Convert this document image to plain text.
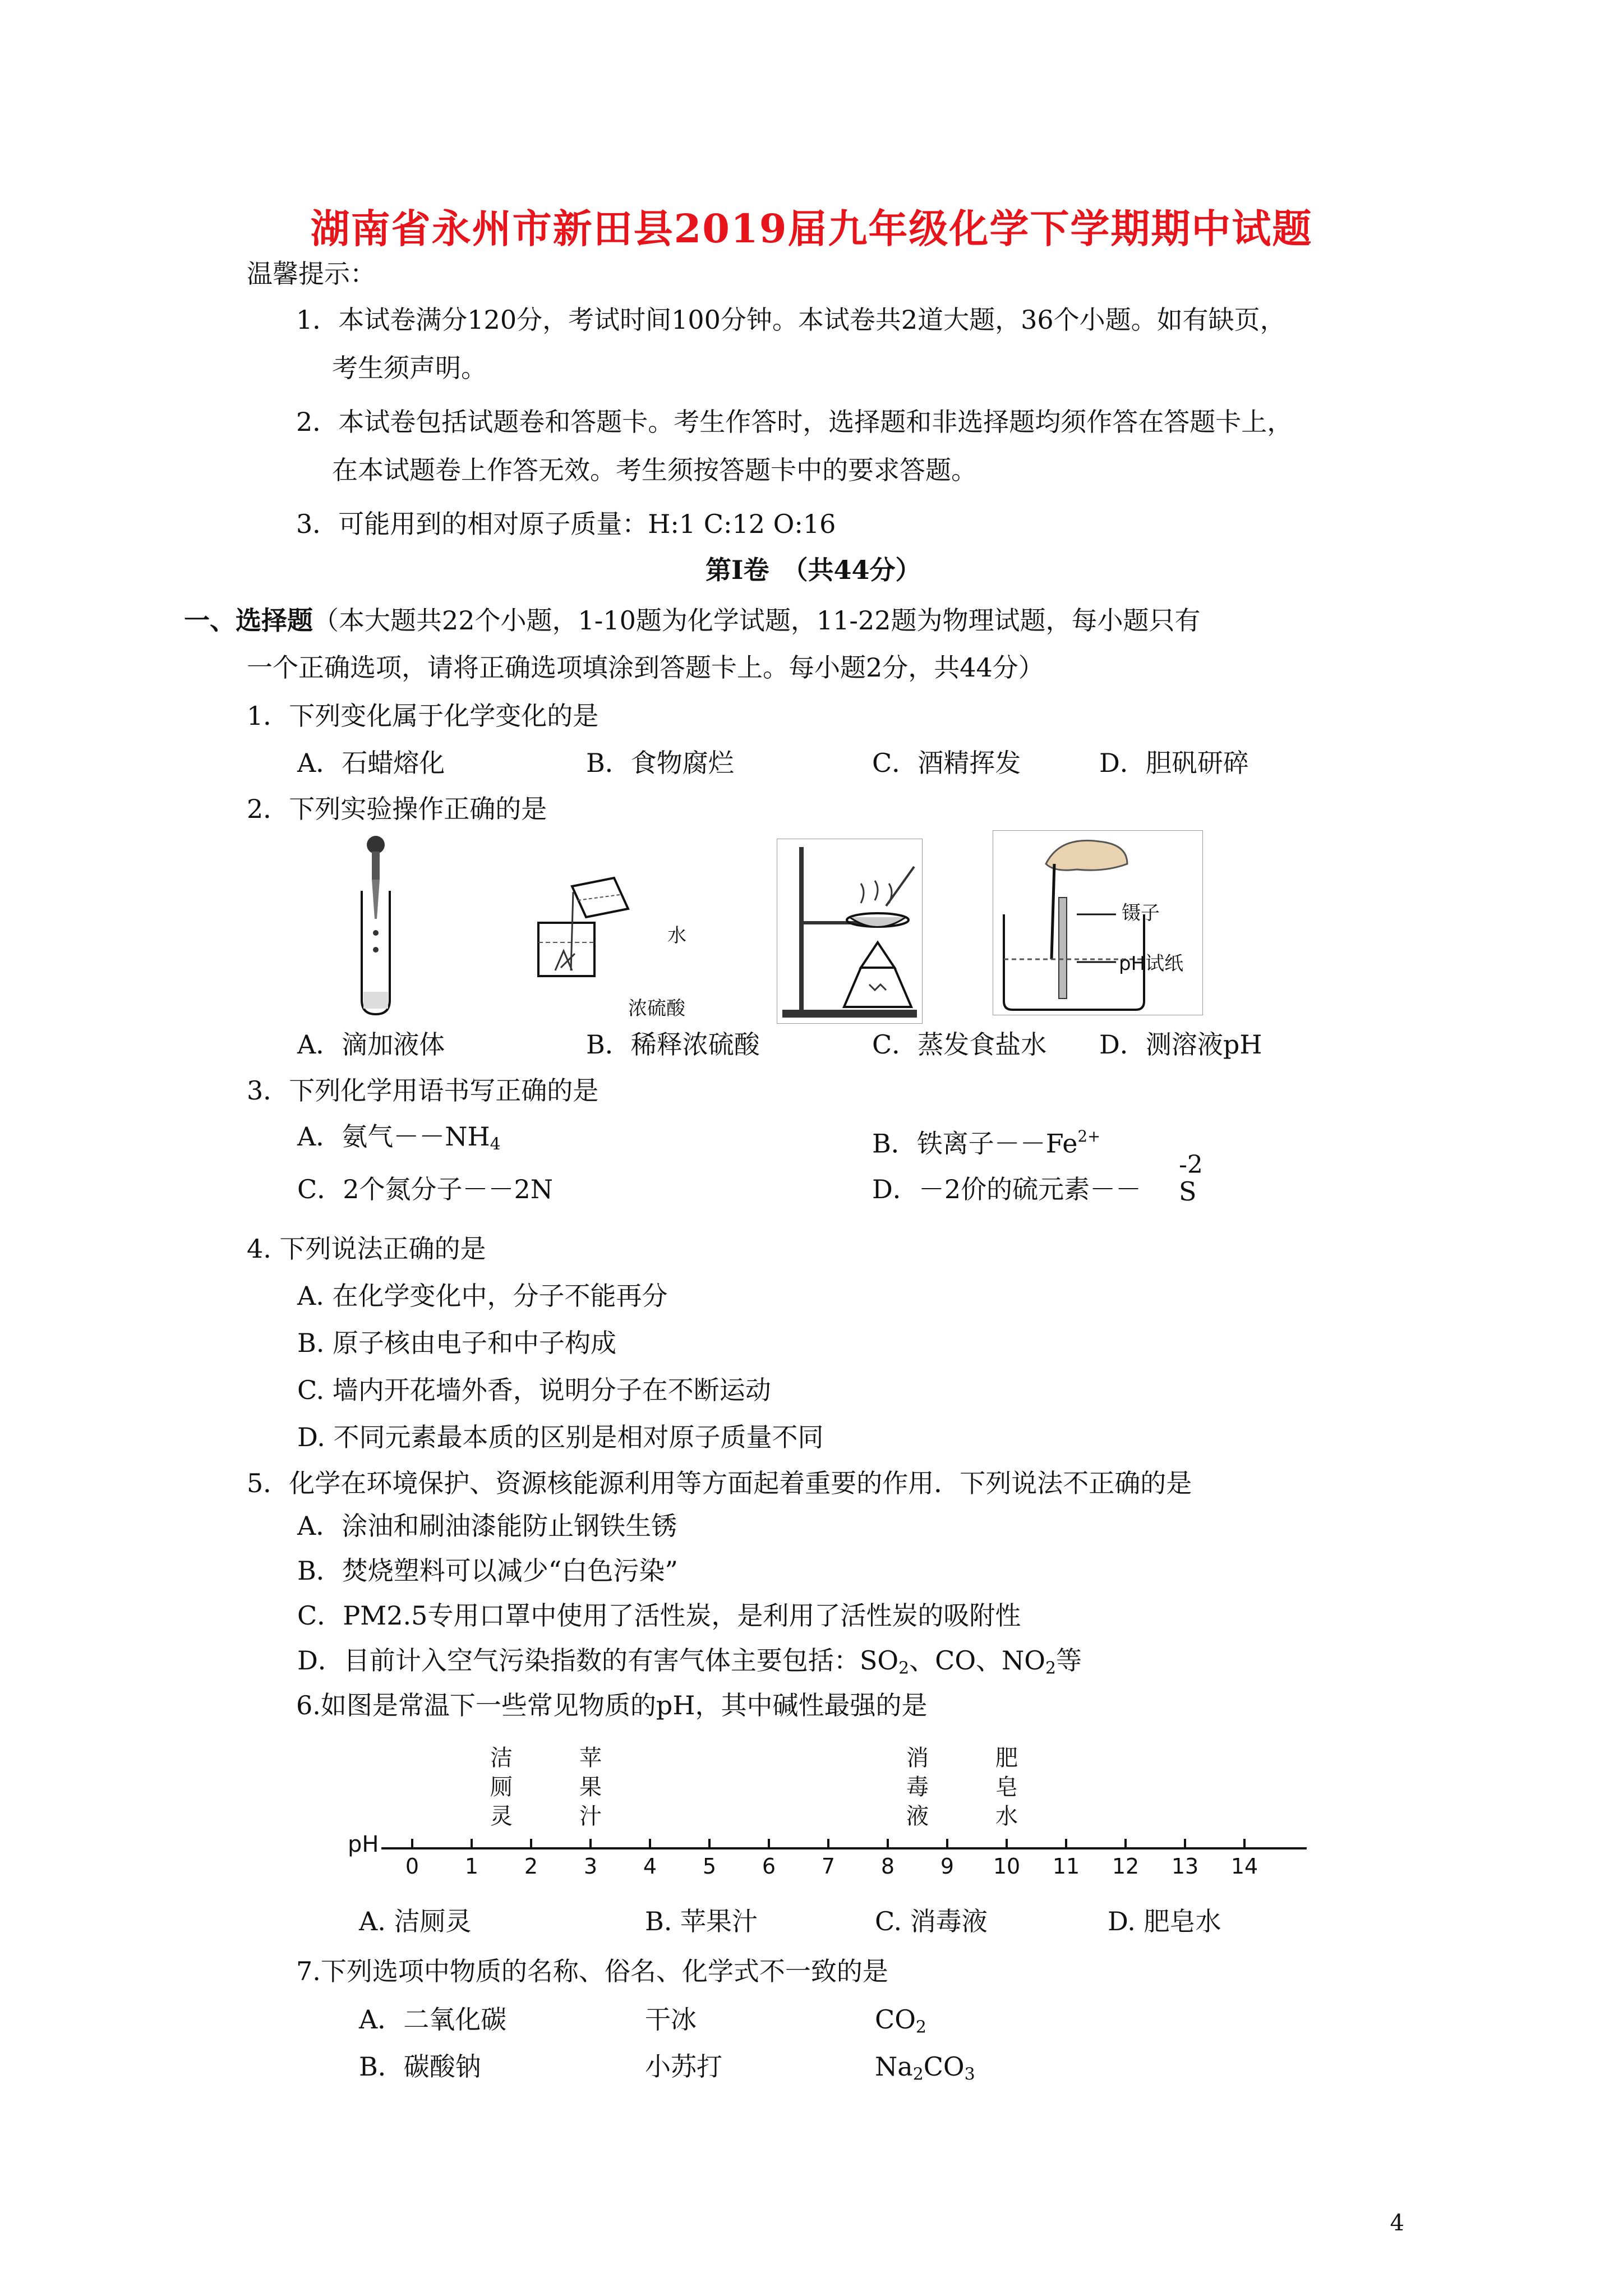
湖南省永州市新田县2019届九年级化学下学期期中试题
温馨提示：
1．本试卷满分120分，考试时间100分钟。本试卷共2道大题，36个小题。如有缺页，
考生须声明。
2．本试卷包括试题卷和答题卡。考生作答时，选择题和非选择题均须作答在答题卡上，
在本试题卷上作答无效。考生须按答题卡中的要求答题。
3．可能用到的相对原子质量：H:1 C:12 O:16
第Ⅰ卷　（共44分）
一、选择题（本大题共22个小题，1-10题为化学试题，11-22题为物理试题，每小题只有
一个正确选项，请将正确选项填涂到答题卡上。每小题2分，共44分）
1．下列变化属于化学变化的是
A．石蜡熔化	B．食物腐烂	C．酒精挥发	D．胆矾研碎
2．下列实验操作正确的是
水
浓硫酸
镊子
pH试纸
A．滴加液体	B．稀释浓硫酸	C．蒸发食盐水 D．测溶液pH
3．下列化学用语书写正确的是
A．氨气$--NH_4$	B．铁离子$--Fe^{2+}$
C．2个氮分子－－2N	D．－2价的硫元素－－
-2
S
4. 下列说法正确的是
A. 在化学变化中，分子不能再分
B. 原子核由电子和中子构成
C. 墙内开花墙外香，说明分子在不断运动
D. 不同元素最本质的区别是相对原子质量不同
5．化学在环境保护、资源核能源利用等方面起着重要的作用．下列说法不正确的是
A．涂油和刷油漆能防止钢铁生锈
B．焚烧塑料可以减少“白色污染”
C．PM2.5专用口罩中使用了活性炭，是利用了活性炭的吸附性
D．目前计入空气污染指数的有害气体主要包括：$SO_2$、CO、$NO_2$等
6.如图是常温下一些常见物质的pH，其中碱性最强的是
pH
0	1	2	3	4	5	6	7	8	9	10 11 12 13 14
洁
厕
灵
苹
果
汁
消
毒
液
肥
皂
水
A. 洁厕灵	B. 苹果汁	C. 消毒液	D. 肥皂水
7.下列选项中物质的名称、俗名、化学式不一致的是
A．二氧化碳	干冰	$CO_2$
B．碳酸钠	小苏打	$Na_2CO_3$
4
